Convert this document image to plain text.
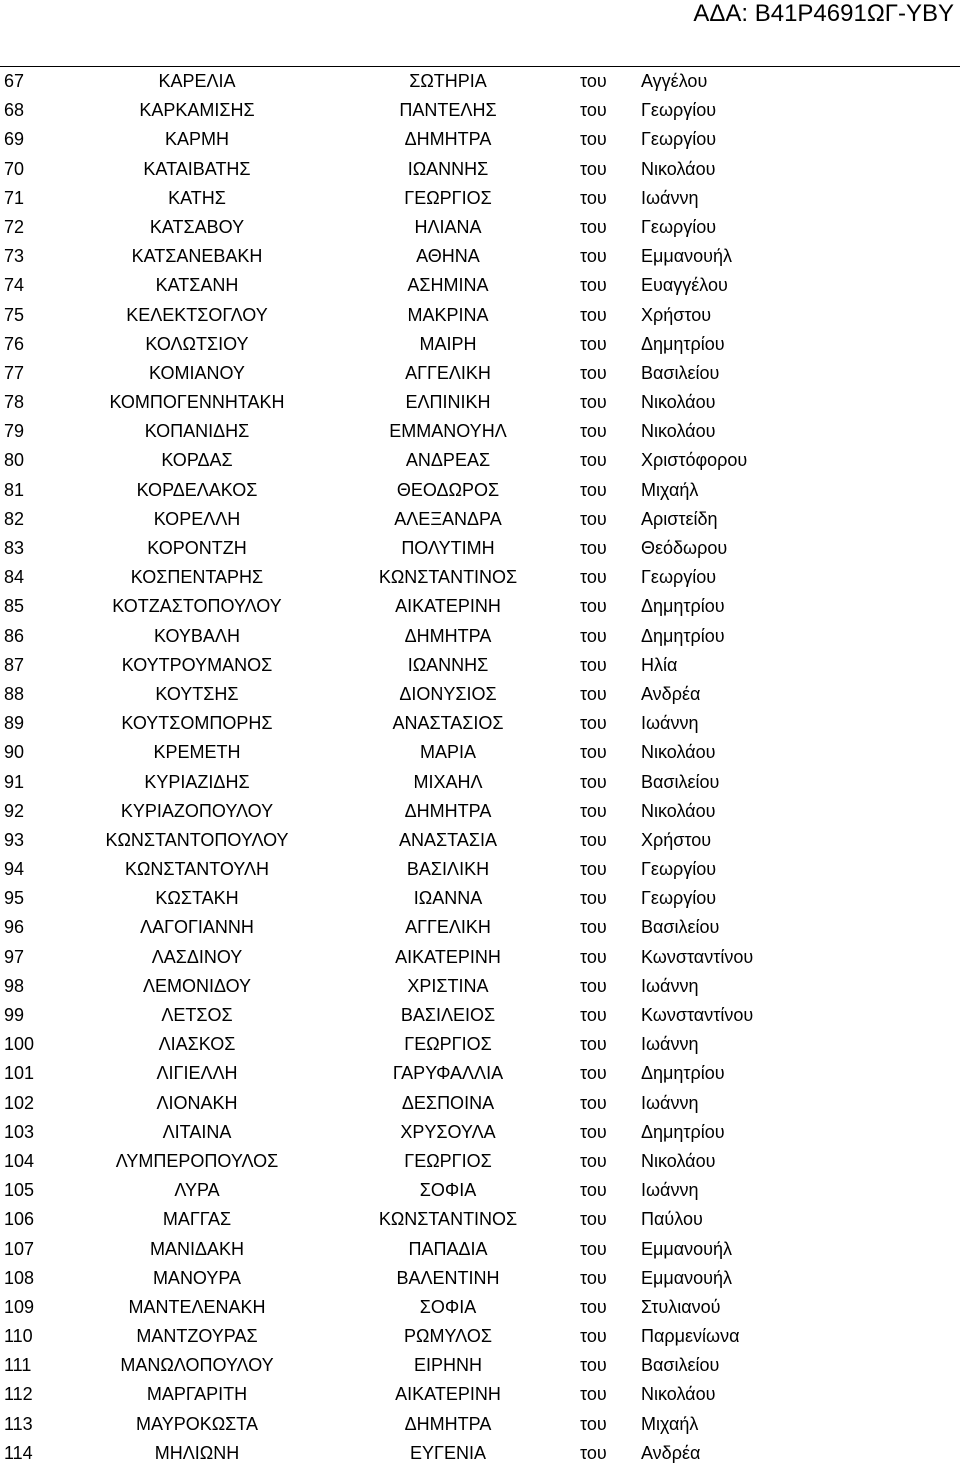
ΑΔΑ: Β41Ρ4691ΩΓ-ΥΒΥ
67	ΚΑΡΕΛΙΑ	ΣΩΤΗΡΙΑ	του Αγγέλου
68	ΚΑΡΚΑΜΙΣΗΣ	ΠΑΝΤΕΛΗΣ	του Γεωργίου
69	ΚΑΡΜΗ	ΔΗΜΗΤΡΑ	του Γεωργίου
70	ΚΑΤΑΙΒΑΤΗΣ	ΙΩΑΝΝΗΣ	του Νικολάου
71	ΚΑΤΗΣ	ΓΕΩΡΓΙΟΣ	του Ιωάννη
72	ΚΑΤΣΑΒΟΥ	ΗΛΙΑΝΑ	του Γεωργίου
73	ΚΑΤΣΑΝΕΒΑΚΗ	ΑΘΗΝΑ	του Εμμανουήλ
74	ΚΑΤΣΑΝΗ	ΑΣΗΜΙΝΑ	του Ευαγγέλου
75	ΚΕΛΕΚΤΣΟΓΛΟΥ	ΜΑΚΡΙΝΑ	του Χρήστου
76	ΚΟΛΩΤΣΙΟΥ	ΜΑΙΡΗ	του Δημητρίου
77	ΚΟΜΙΑΝΟΥ	ΑΓΓΕΛΙΚΗ	του Βασιλείου
78	ΚΟΜΠΟΓΕΝΝΗΤΑΚΗ	ΕΛΠΙΝΙΚΗ	του Νικολάου
79	ΚΟΠΑΝΙΔΗΣ	ΕΜΜΑΝΟΥΗΛ	του Νικολάου
80	ΚΟΡΔΑΣ	ΑΝΔΡΕΑΣ	του Χριστόφορου
81	ΚΟΡΔΕΛΑΚΟΣ	ΘΕΟΔΩΡΟΣ	του Μιχαήλ
82	ΚΟΡΕΛΛΗ	ΑΛΕΞΑΝΔΡΑ	του Αριστείδη
83	ΚΟΡΟΝΤΖΗ	ΠΟΛΥΤΙΜΗ	του Θεόδωρου
84	ΚΟΣΠΕΝΤΑΡΗΣ	ΚΩΝΣΤΑΝΤΙΝΟΣ	του Γεωργίου
85	ΚΟΤΖΑΣΤΟΠΟΥΛΟΥ	ΑΙΚΑΤΕΡΙΝΗ	του Δημητρίου
86	ΚΟΥΒΑΛΗ	ΔΗΜΗΤΡΑ	του Δημητρίου
87	ΚΟΥΤΡΟΥΜΑΝΟΣ	ΙΩΑΝΝΗΣ	του Ηλία
88	ΚΟΥΤΣΗΣ	ΔΙΟΝΥΣΙΟΣ	του Ανδρέα
89	ΚΟΥΤΣΟΜΠΟΡΗΣ	ΑΝΑΣΤΑΣΙΟΣ	του Ιωάννη
90	ΚΡΕΜΕΤΗ	ΜΑΡΙΑ	του Νικολάου
91	ΚΥΡΙΑΖΙΔΗΣ	ΜΙΧΑΗΛ	του Βασιλείου
92	ΚΥΡΙΑΖΟΠΟΥΛΟΥ	ΔΗΜΗΤΡΑ	του Νικολάου
93	ΚΩΝΣΤΑΝΤΟΠΟΥΛΟΥ	ΑΝΑΣΤΑΣΙΑ	του Χρήστου
94	ΚΩΝΣΤΑΝΤΟΥΛΗ	ΒΑΣΙΛΙΚΗ	του Γεωργίου
95	ΚΩΣΤΑΚΗ	ΙΩΑΝΝΑ	του Γεωργίου
96	ΛΑΓΟΓΙΑΝΝΗ	ΑΓΓΕΛΙΚΗ	του Βασιλείου
97	ΛΑΣΔΙΝΟΥ	ΑΙΚΑΤΕΡΙΝΗ	του Κωνσταντίνου
98	ΛΕΜΟΝΙΔΟΥ	ΧΡΙΣΤΙΝΑ	του Ιωάννη
99	ΛΕΤΣΟΣ	ΒΑΣΙΛΕΙΟΣ	του Κωνσταντίνου
100	ΛΙΑΣΚΟΣ	ΓΕΩΡΓΙΟΣ	του Ιωάννη
101	ΛΙΓΙΕΛΛΗ	ΓΑΡΥΦΑΛΛΙΑ	του Δημητρίου
102	ΛΙΟΝΑΚΗ	ΔΕΣΠΟΙΝΑ	του Ιωάννη
103	ΛΙΤΑΙΝΑ	ΧΡΥΣΟΥΛΑ	του Δημητρίου
104	ΛΥΜΠΕΡΟΠΟΥΛΟΣ	ΓΕΩΡΓΙΟΣ	του Νικολάου
105	ΛΥΡΑ	ΣΟΦΙΑ	του Ιωάννη
106	ΜΑΓΓΑΣ	ΚΩΝΣΤΑΝΤΙΝΟΣ	του Παύλου
107	ΜΑΝΙΔΑΚΗ	ΠΑΠΑΔΙΑ	του Εμμανουήλ
108	ΜΑΝΟΥΡΑ	ΒΑΛΕΝΤΙΝΗ	του Εμμανουήλ
109	ΜΑΝΤΕΛΕΝΑΚΗ	ΣΟΦΙΑ	του Στυλιανού
110	ΜΑΝΤΖΟΥΡΑΣ	ΡΩΜΥΛΟΣ	του Παρμενίωνα
111	ΜΑΝΩΛΟΠΟΥΛΟΥ	ΕΙΡΗΝΗ	του Βασιλείου
112	ΜΑΡΓΑΡΙΤΗ	ΑΙΚΑΤΕΡΙΝΗ	του Νικολάου
113	ΜΑΥΡΟΚΩΣΤΑ	ΔΗΜΗΤΡΑ	του Μιχαήλ
114	ΜΗΛΙΩΝΗ	ΕΥΓΕΝΙΑ	του Ανδρέα
